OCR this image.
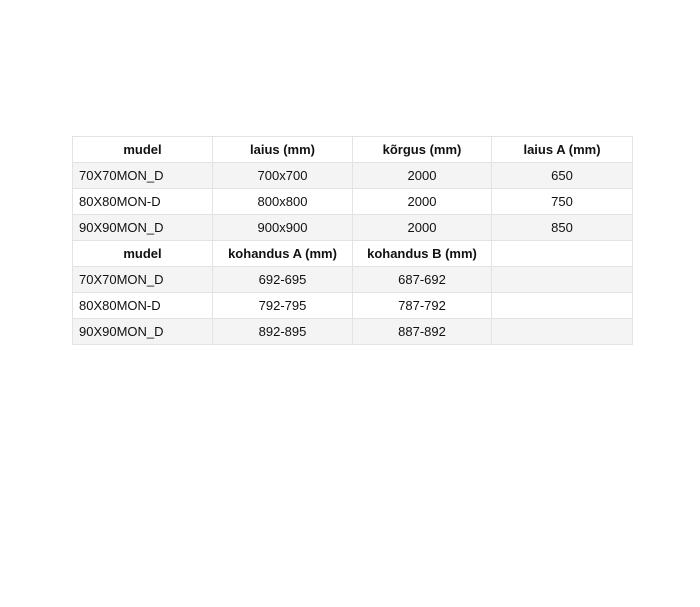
mudel	laius (mm)	kõrgus (mm)	laius A (mm)
70X70MON_D	700x700	2000	650
80X80MON-D	800x800	2000	750
90X90MON_D	900x900	2000	850
mudel	kohandus A (mm)	kohandus B (mm)	
70X70MON_D	692-695	687-692	
80X80MON-D	792-795	787-792	
90X90MON_D	892-895	887-892	
